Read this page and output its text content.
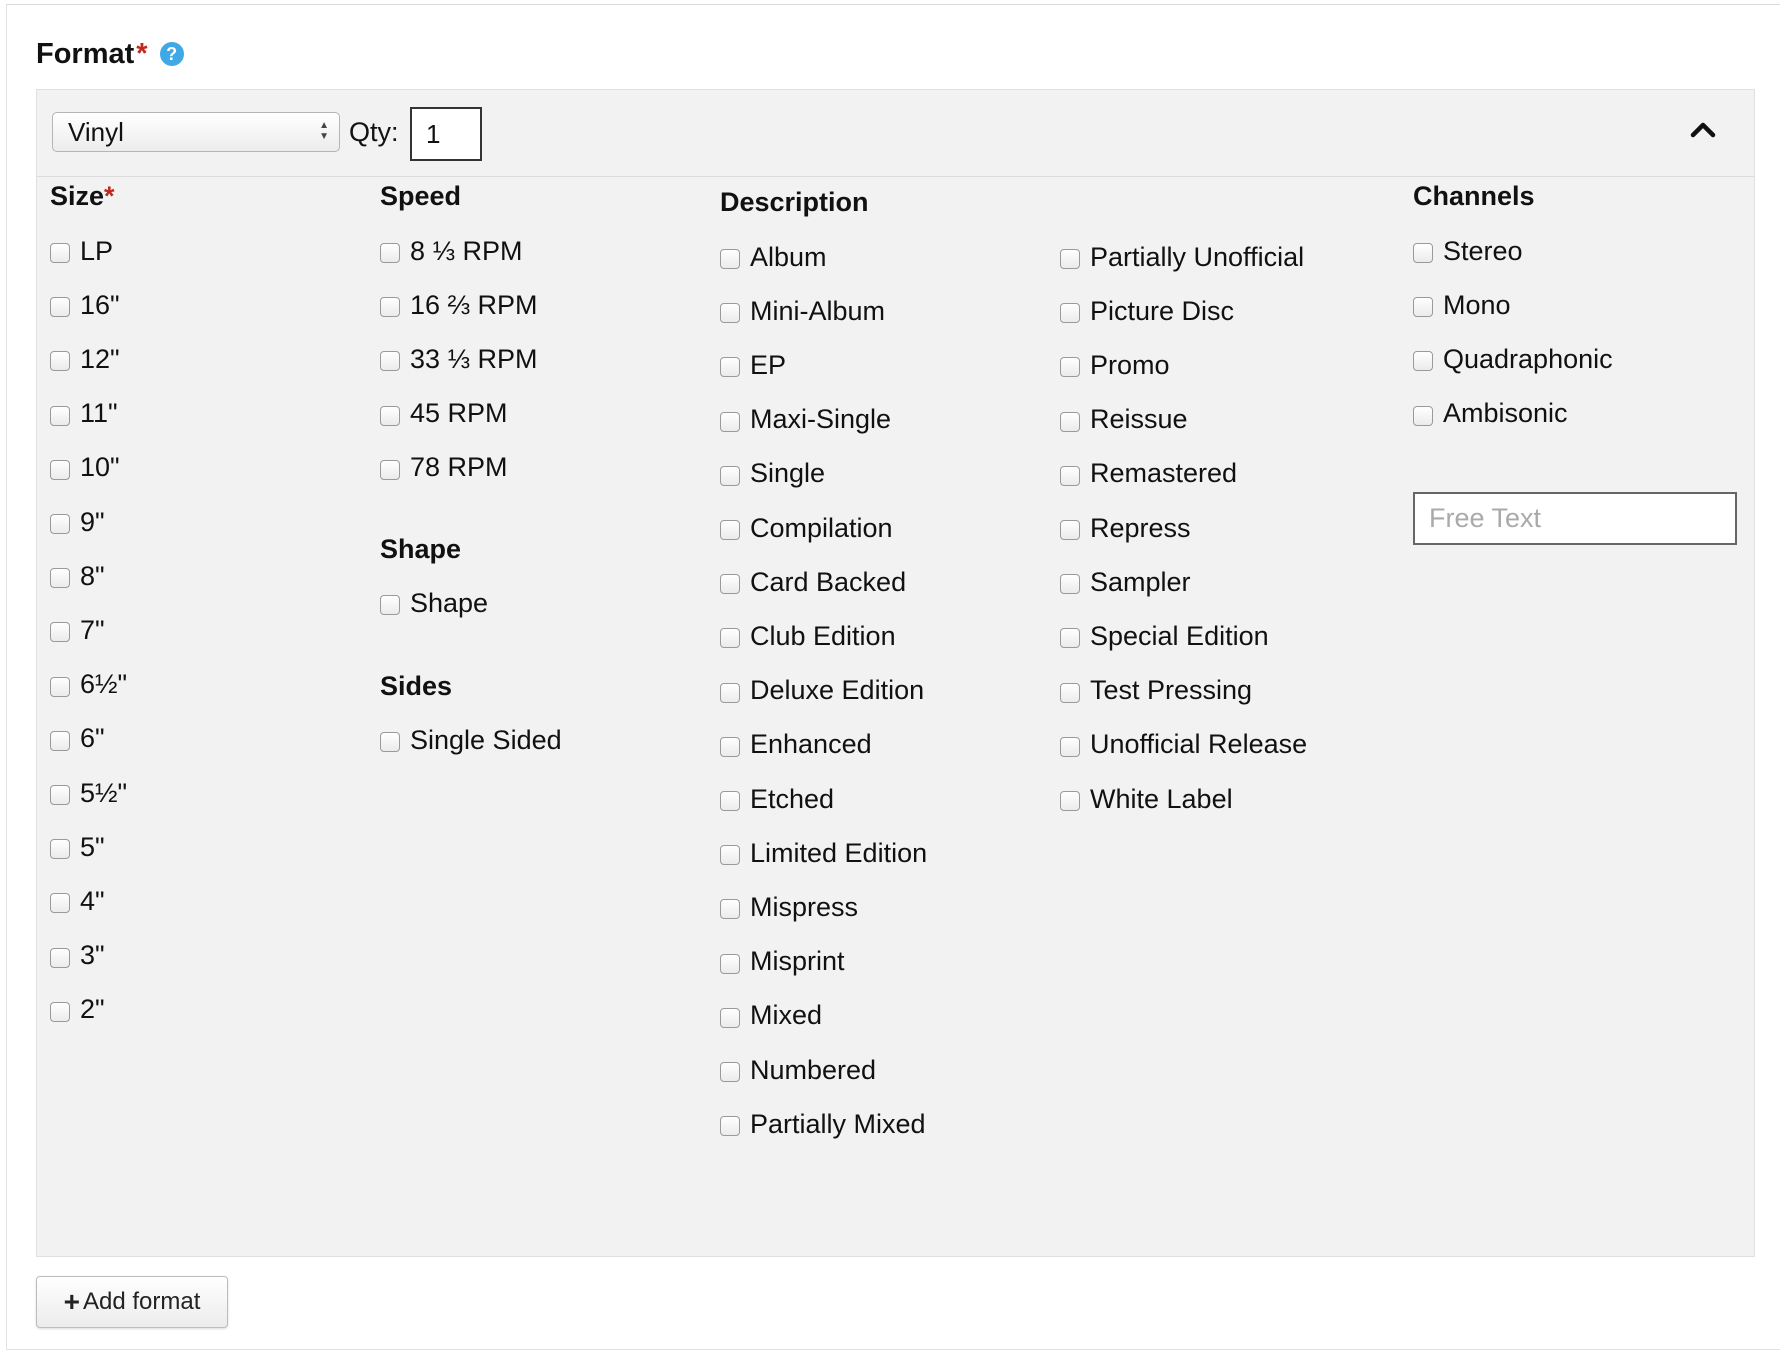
Format *	?
Vinyl	▲
▼ Qty:	1
Size*
LP
16"
12"
11"
10"
9"
8"
7"
6½"
6"
5½"
5"
4"
3"
2"
Speed
8 ⅓ RPM
16 ⅔ RPM
33 ⅓ RPM
45 RPM
78 RPM
Shape
Shape
Sides
Single Sided
Description
Album
Mini-Album
EP
Maxi-Single
Single
Compilation
Card Backed
Club Edition
Deluxe Edition
Enhanced
Etched
Limited Edition
Mispress
Misprint
Mixed
Numbered
Partially Mixed
Partially Unofficial
Picture Disc
Promo
Reissue
Remastered
Repress
Sampler
Special Edition
Test Pressing
Unofficial Release
White Label
Channels
Stereo
Mono
Quadraphonic
Ambisonic
Free Text
+ Add format
